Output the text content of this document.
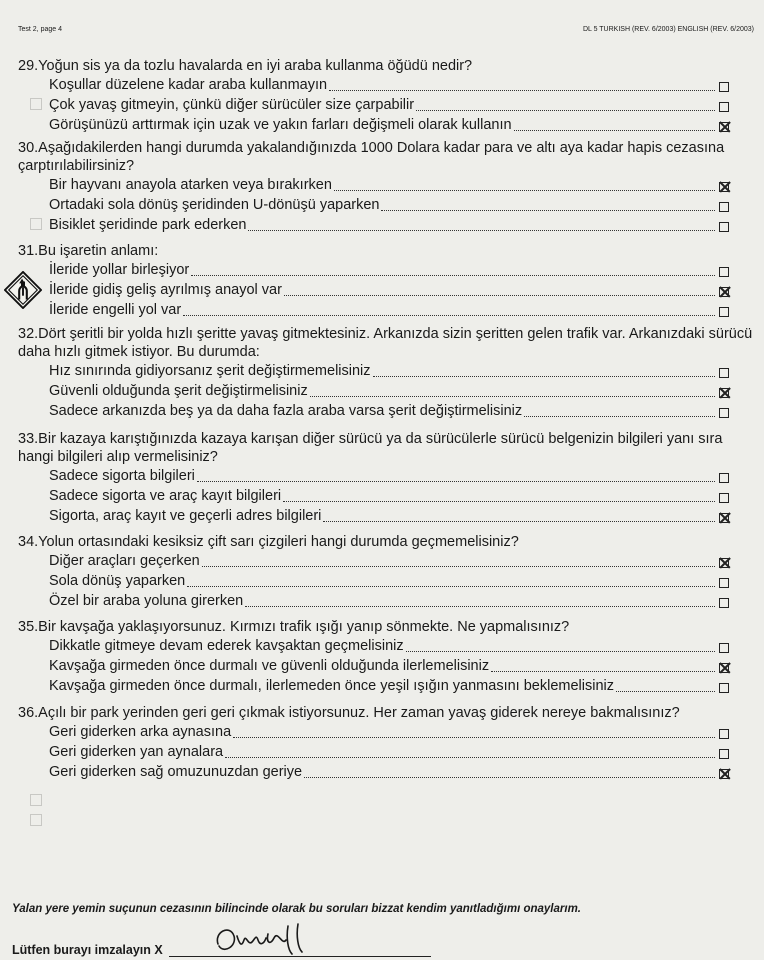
Test 2, page 4	DL 5 TURKISH (REV. 6/2003) ENGLISH (REV. 6/2003)

29.Yoğun sis ya da tozlu havalarda en iyi araba kullanma öğüdü nedir?

Koşullar düzelene kadar araba kullanmayın
Çok yavaş gitmeyin, çünkü diğer sürücüler size çarpabilir
Görüşünüzü arttırmak için uzak ve yakın farları değişmeli olarak kullanın

30.Aşağıdakilerden hangi durumda yakalandığınızda 1000 Dolara kadar para ve altı aya kadar hapis cezasına çarptırılabilirsiniz?

Bir hayvanı anayola atarken veya bırakırken
Ortadaki sola dönüş şeridinden U-dönüşü yaparken
Bisiklet şeridinde park ederken

31.Bu işaretin anlamı:

İleride yollar birleşiyor
İleride gidiş geliş ayrılmış anayol var
İleride engelli yol var

32.Dört şeritli bir yolda hızlı şeritte yavaş gitmektesiniz. Arkanızda sizin şeritten gelen trafik var. Arkanızdaki sürücü daha hızlı gitmek istiyor. Bu durumda:

Hız sınırında gidiyorsanız şerit değiştirmemelisiniz
Güvenli olduğunda şerit değiştirmelisiniz
Sadece arkanızda beş ya da daha fazla araba varsa şerit değiştirmelisiniz

33.Bir kazaya karıştığınızda kazaya karışan diğer sürücü ya da sürücülerle sürücü belgenizin bilgileri yanı sıra hangi bilgileri alıp vermelisiniz?

Sadece sigorta bilgileri
Sadece sigorta ve araç kayıt bilgileri
Sigorta, araç kayıt ve geçerli adres bilgileri

34.Yolun ortasındaki kesiksiz çift sarı çizgileri hangi durumda geçmemelisiniz?

Diğer araçları geçerken
Sola dönüş yaparken
Özel bir araba yoluna girerken

35.Bir kavşağa yaklaşıyorsunuz. Kırmızı trafik ışığı yanıp sönmekte. Ne yapmalısınız?

Dikkatle gitmeye devam ederek kavşaktan geçmelisiniz
Kavşağa girmeden önce durmalı ve güvenli olduğunda ilerlemelisiniz
Kavşağa girmeden önce durmalı, ilerlemeden önce yeşil ışığın yanmasını beklemelisiniz

36.Açılı bir park yerinden geri geri çıkmak istiyorsunuz. Her zaman yavaş giderek nereye bakmalısınız?

Geri giderken arka aynasına
Geri giderken yan aynalara
Geri giderken sağ omuzunuzdan geriye
Yalan yere yemin suçunun cezasının bilincinde olarak bu soruları bizzat kendim yanıtladığımı onaylarım.
Lütfen burayı imzalayın X
